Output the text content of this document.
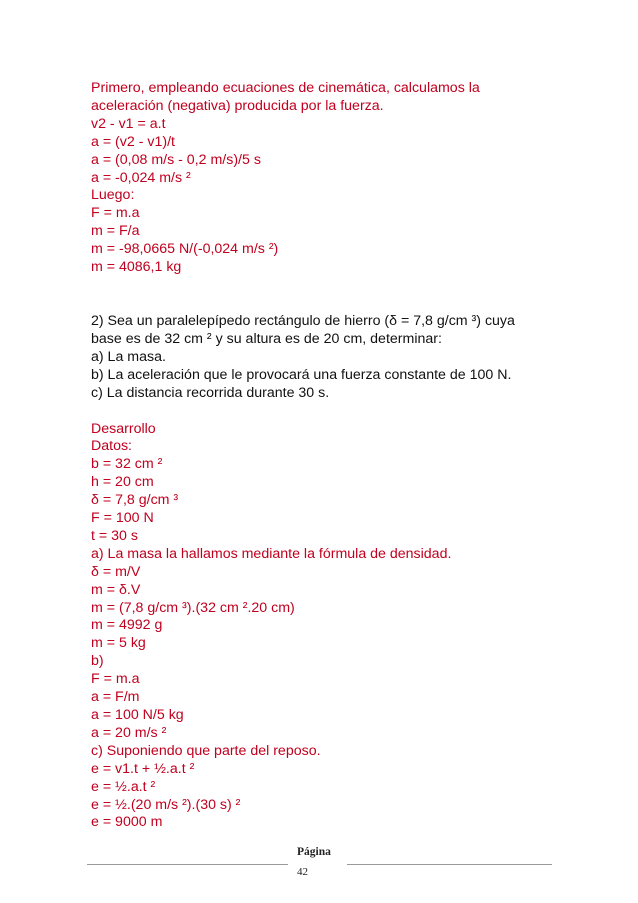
Primero, empleando ecuaciones de cinemática, calculamos la
aceleración (negativa) producida por la fuerza.
v2 - v1 = a.t
a = (v2 - v1)/t
a = (0,08 m/s - 0,2 m/s)/5 s
a = -0,024 m/s ²
Luego:
F = m.a
m = F/a
m = -98,0665 N/(-0,024 m/s ²)
m = 4086,1 kg
2) Sea un paralelepípedo rectángulo de hierro (δ = 7,8 g/cm ³) cuya
base es de 32 cm ² y su altura es de 20 cm, determinar:
a) La masa.
b) La aceleración que le provocará una fuerza constante de 100 N.
c) La distancia recorrida durante 30 s.
Desarrollo
Datos:
b = 32 cm ²
h = 20 cm
δ = 7,8 g/cm ³
F = 100 N
t = 30 s
a) La masa la hallamos mediante la fórmula de densidad.
δ = m/V
m = δ.V
m = (7,8 g/cm ³).(32 cm ².20 cm)
m = 4992 g
m = 5 kg
b)
F = m.a
a = F/m
a = 100 N/5 kg
a = 20 m/s ²
c) Suponiendo que parte del reposo.
e = v1.t + ½.a.t ²
e = ½.a.t ²
e = ½.(20 m/s ²).(30 s) ²
e = 9000 m
Página
42
